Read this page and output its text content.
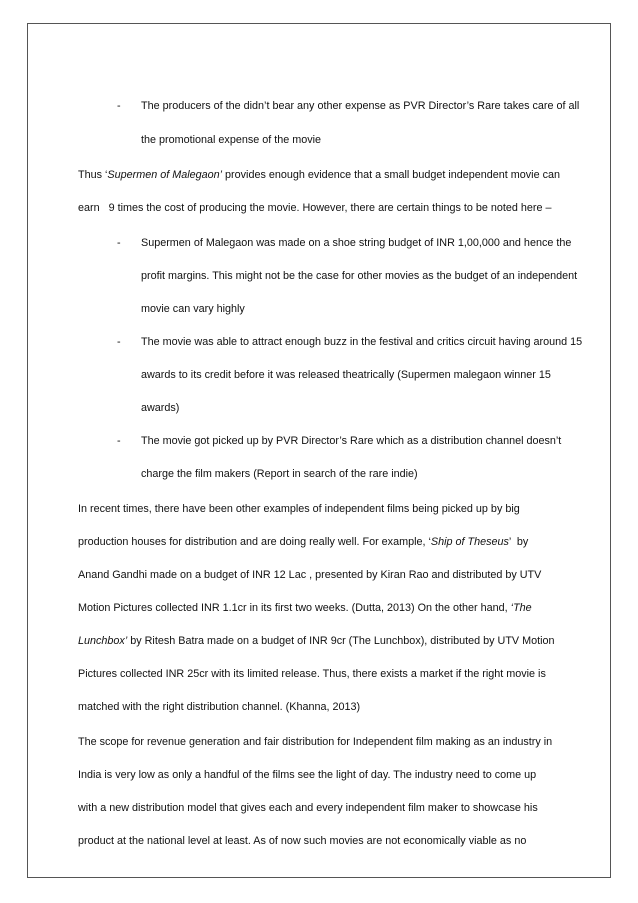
- The producers of the didn’t bear any other expense as PVR Director’s Rare takes care of all
the promotional expense of the movie
Thus ‘Supermen of Malegaon’ provides enough evidence that a small budget independent movie can
earn   9 times the cost of producing the movie. However, there are certain things to be noted here –
- Supermen of Malegaon was made on a shoe string budget of INR 1,00,000 and hence the
profit margins. This might not be the case for other movies as the budget of an independent
movie can vary highly
- The movie was able to attract enough buzz in the festival and critics circuit having around 15
awards to its credit before it was released theatrically (Supermen malegaon winner 15
awards)
- The movie got picked up by PVR Director’s Rare which as a distribution channel doesn’t
charge the film makers (Report in search of the rare indie)
In recent times, there have been other examples of independent films being picked up by big
production houses for distribution and are doing really well. For example, ‘Ship of Theseus’  by
Anand Gandhi made on a budget of INR 12 Lac , presented by Kiran Rao and distributed by UTV
Motion Pictures collected INR 1.1cr in its first two weeks. (Dutta, 2013) On the other hand, ‘The
Lunchbox’ by Ritesh Batra made on a budget of INR 9cr (The Lunchbox), distributed by UTV Motion
Pictures collected INR 25cr with its limited release. Thus, there exists a market if the right movie is
matched with the right distribution channel. (Khanna, 2013)
The scope for revenue generation and fair distribution for Independent film making as an industry in
India is very low as only a handful of the films see the light of day. The industry need to come up
with a new distribution model that gives each and every independent film maker to showcase his
product at the national level at least. As of now such movies are not economically viable as no
